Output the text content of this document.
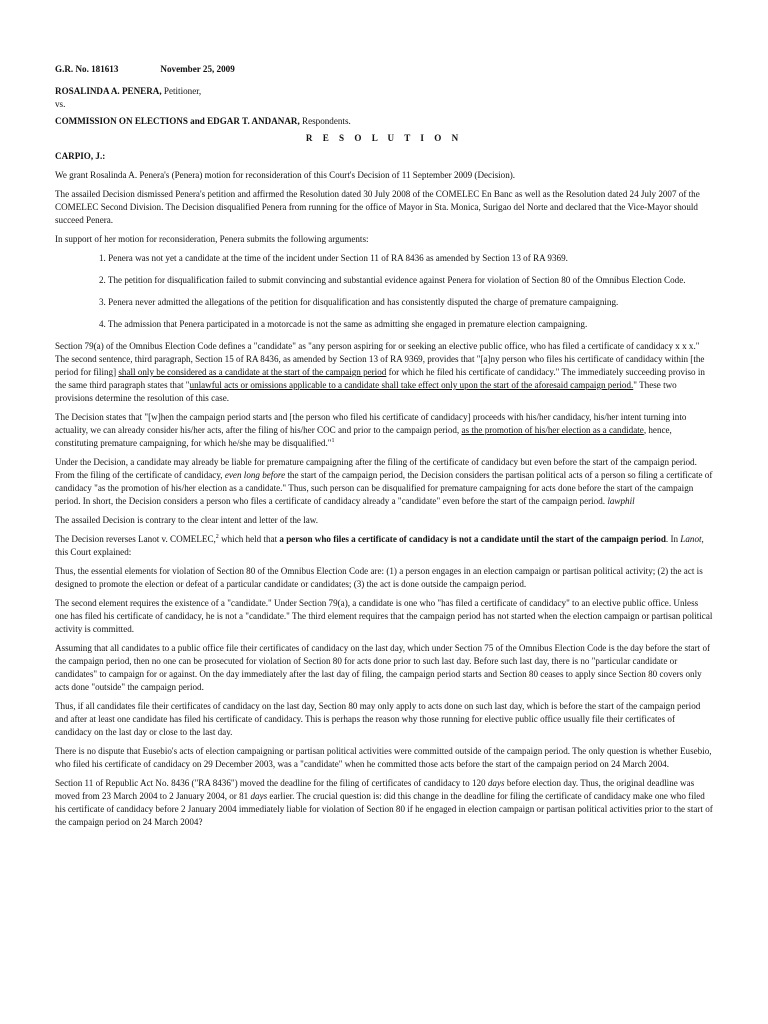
G.R. No. 181613	November 25, 2009

ROSALINDA A. PENERA, Petitioner,

vs.

COMMISSION ON ELECTIONS and EDGAR T. ANDANAR, Respondents.

R E S O L U T I O N

CARPIO, J.:

We grant Rosalinda A. Penera's (Penera) motion for reconsideration of this Court's Decision of 11 September 2009 (Decision).

The assailed Decision dismissed Penera's petition and affirmed the Resolution dated 30 July 2008 of the COMELEC En Banc as well as the Resolution dated 24 July 2007 of the COMELEC Second Division. The Decision disqualified Penera from running for the office of Mayor in Sta. Monica, Surigao del Norte and declared that the Vice-Mayor should succeed Penera.

In support of her motion for reconsideration, Penera submits the following arguments:

1. Penera was not yet a candidate at the time of the incident under Section 11 of RA 8436 as amended by Section 13 of RA 9369.
2. The petition for disqualification failed to submit convincing and substantial evidence against Penera for violation of Section 80 of the Omnibus Election Code.
3. Penera never admitted the allegations of the petition for disqualification and has consistently disputed the charge of premature campaigning.
4. The admission that Penera participated in a motorcade is not the same as admitting she engaged in premature election campaigning.

Section 79(a) of the Omnibus Election Code defines a "candidate" as "any person aspiring for or seeking an elective public office, who has filed a certificate of candidacy x x x." The second sentence, third paragraph, Section 15 of RA 8436, as amended by Section 13 of RA 9369, provides that "[a]ny person who files his certificate of candidacy within [the period for filing] shall only be considered as a candidate at the start of the campaign period for which he filed his certificate of candidacy." The immediately succeeding proviso in the same third paragraph states that "unlawful acts or omissions applicable to a candidate shall take effect only upon the start of the aforesaid campaign period." These two provisions determine the resolution of this case.

The Decision states that "[w]hen the campaign period starts and [the person who filed his certificate of candidacy] proceeds with his/her candidacy, his/her intent turning into actuality, we can already consider his/her acts, after the filing of his/her COC and prior to the campaign period, as the promotion of his/her election as a candidate, hence, constituting premature campaigning, for which he/she may be disqualified."$^1$

Under the Decision, a candidate may already be liable for premature campaigning after the filing of the certificate of candidacy but even before the start of the campaign period. From the filing of the certificate of candidacy, even long before the start of the campaign period, the Decision considers the partisan political acts of a person so filing a certificate of candidacy "as the promotion of his/her election as a candidate." Thus, such person can be disqualified for premature campaigning for acts done before the start of the campaign period. In short, the Decision considers a person who files a certificate of candidacy already a "candidate" even before the start of the campaign period. lawphil

The assailed Decision is contrary to the clear intent and letter of the law.

The Decision reverses Lanot v. COMELEC,$^2$ which held that a person who files a certificate of candidacy is not a candidate until the start of the campaign period. In Lanot, this Court explained:

Thus, the essential elements for violation of Section 80 of the Omnibus Election Code are: (1) a person engages in an election campaign or partisan political activity; (2) the act is designed to promote the election or defeat of a particular candidate or candidates; (3) the act is done outside the campaign period.

The second element requires the existence of a "candidate." Under Section 79(a), a candidate is one who "has filed a certificate of candidacy" to an elective public office. Unless one has filed his certificate of candidacy, he is not a "candidate." The third element requires that the campaign period has not started when the election campaign or partisan political activity is committed.

Assuming that all candidates to a public office file their certificates of candidacy on the last day, which under Section 75 of the Omnibus Election Code is the day before the start of the campaign period, then no one can be prosecuted for violation of Section 80 for acts done prior to such last day. Before such last day, there is no "particular candidate or candidates" to campaign for or against. On the day immediately after the last day of filing, the campaign period starts and Section 80 ceases to apply since Section 80 covers only acts done "outside" the campaign period.

Thus, if all candidates file their certificates of candidacy on the last day, Section 80 may only apply to acts done on such last day, which is before the start of the campaign period and after at least one candidate has filed his certificate of candidacy. This is perhaps the reason why those running for elective public office usually file their certificates of candidacy on the last day or close to the last day.

There is no dispute that Eusebio's acts of election campaigning or partisan political activities were committed outside of the campaign period. The only question is whether Eusebio, who filed his certificate of candidacy on 29 December 2003, was a "candidate" when he committed those acts before the start of the campaign period on 24 March 2004.

Section 11 of Republic Act No. 8436 ("RA 8436") moved the deadline for the filing of certificates of candidacy to 120 days before election day. Thus, the original deadline was moved from 23 March 2004 to 2 January 2004, or 81 days earlier. The crucial question is: did this change in the deadline for filing the certificate of candidacy make one who filed his certificate of candidacy before 2 January 2004 immediately liable for violation of Section 80 if he engaged in election campaign or partisan political activities prior to the start of the campaign period on 24 March 2004?
